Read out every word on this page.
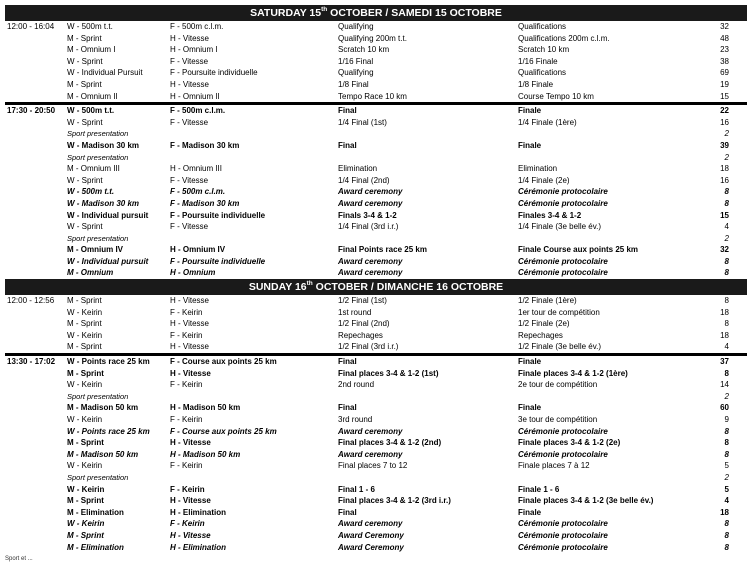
SATURDAY 15th OCTOBER / SAMEDI 15 OCTOBRE
12:00 - 16:04 W - 500m t.t.	F - 500m c.l.m.	Qualifying	Qualifications	32
M - Sprint	H - Vitesse	Qualifying 200m t.t.	Qualifications 200m c.l.m.	48
M - Omnium I	H - Omnium I	Scratch 10 km	Scratch 10 km	23
W - Sprint	F - Vitesse	1/16 Final	1/16 Finale	38
W - Individual Pursuit	F - Poursuite individuelle	Qualifying	Qualifications	69
M - Sprint	H - Vitesse	1/8 Final	1/8 Finale	19
M - Omnium II	H - Omnium II	Tempo Race 10 km	Course Tempo 10 km	15
17:30 - 20:50 W - 500m t.t.	F - 500m c.l.m.	Final	Finale	22
W - Sprint	F - Vitesse	1/4 Final (1st)	1/4 Finale (1ère)	16
Sport presentation	2
W - Madison 30 km	F - Madison 30 km	Final	Finale	39
Sport presentation	2
M - Omnium III	H - Omnium III	Elimination	Elimination	18
W - Sprint	F - Vitesse	1/4 Final (2nd)	1/4 Finale (2e)	16
W - 500m t.t.	F - 500m c.l.m.	Award ceremony	Cérémonie protocolaire	8
W - Madison 30 km	F - Madison 30 km	Award ceremony	Cérémonie protocolaire	8
W - Individual pursuit	F - Poursuite individuelle	Finals 3-4 & 1-2	Finales 3-4 & 1-2	15
W - Sprint	F - Vitesse	1/4 Final (3rd i.r.)	1/4 Finale (3e belle év.)	4
Sport presentation	2
M - Omnium IV	H - Omnium IV	Final Points race 25 km	Finale Course aux points 25 km	32
W - Individual pursuit	F - Poursuite individuelle	Award ceremony	Cérémonie protocolaire	8
M - Omnium	H - Omnium	Award ceremony	Cérémonie protocolaire	8
SUNDAY 16th OCTOBER / DIMANCHE 16 OCTOBRE
12:00 - 12:56 M - Sprint	H - Vitesse	1/2 Final (1st)	1/2 Finale (1ère)	8
W - Keirin	F - Keirin	1st round	1er tour de compétition	18
M - Sprint	H - Vitesse	1/2 Final (2nd)	1/2 Finale (2e)	8
W - Keirin	F - Keirin	Repechages	Repechages	18
M - Sprint	H - Vitesse	1/2 Final (3rd i.r.)	1/2 Finale (3e belle év.)	4
13:30 - 17:02 W - Points race 25 km	F - Course aux points 25 km	Final	Finale	37
M - Sprint	H - Vitesse	Final places 3-4 & 1-2 (1st)	Finale places 3-4 & 1-2 (1ère)	8
W - Keirin	F - Keirin	2nd round	2e tour de compétition	14
Sport presentation	2
M - Madison 50 km	H - Madison 50 km	Final	Finale	60
W - Keirin	F - Keirin	3rd round	3e tour de compétition	9
W - Points race 25 km	F - Course aux points 25 km	Award ceremony	Cérémonie protocolaire	8
M - Sprint	H - Vitesse	Final places 3-4 & 1-2 (2nd)	Finale places 3-4 & 1-2 (2e)	8
M - Madison 50 km	H - Madison 50 km	Award ceremony	Cérémonie protocolaire	8
W - Keirin	F - Keirin	Final places 7 to 12	Finale places 7 à 12	5
Sport presentation	2
W - Keirin	F - Keirin	Final 1 - 6	Finale 1 - 6	5
M - Sprint	H - Vitesse	Final places 3-4 & 1-2 (3rd i.r.)	Finale places 3-4 & 1-2 (3e belle év.)	4
M - Elimination	H - Elimination	Final	Finale	18
W - Keirin	F - Keirin	Award ceremony	Cérémonie protocolaire	8
M - Sprint	H - Vitesse	Award Ceremony	Cérémonie protocolaire	8
M - Elimination	H - Elimination	Award Ceremony	Cérémonie protocolaire	8
Sport et ...
